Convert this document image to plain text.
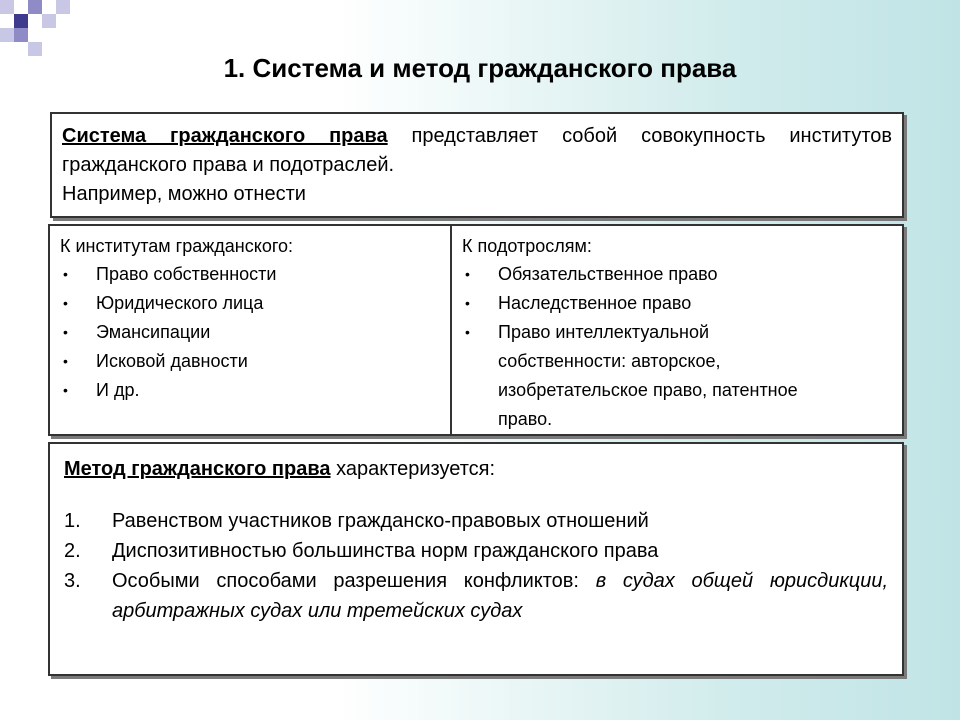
1. Система и метод гражданского права
Система гражданского права представляет собой совокупность институтов гражданского права и подотраслей.
Например, можно отнести
К институтам гражданского:
• Право собственности
• Юридического лица
• Эмансипации
• Исковой давности
• И др.
К подотрослям:
• Обязательственное право
• Наследственное право
• Право интеллектуальной собственности: авторское, изобретательское право, патентное право.
Метод гражданского права характеризуется:
1. Равенством участников гражданско-правовых отношений
2. Диспозитивностью большинства норм гражданского права
3. Особыми способами разрешения конфликтов: в судах общей юрисдикции, арбитражных судах или третейских судах
